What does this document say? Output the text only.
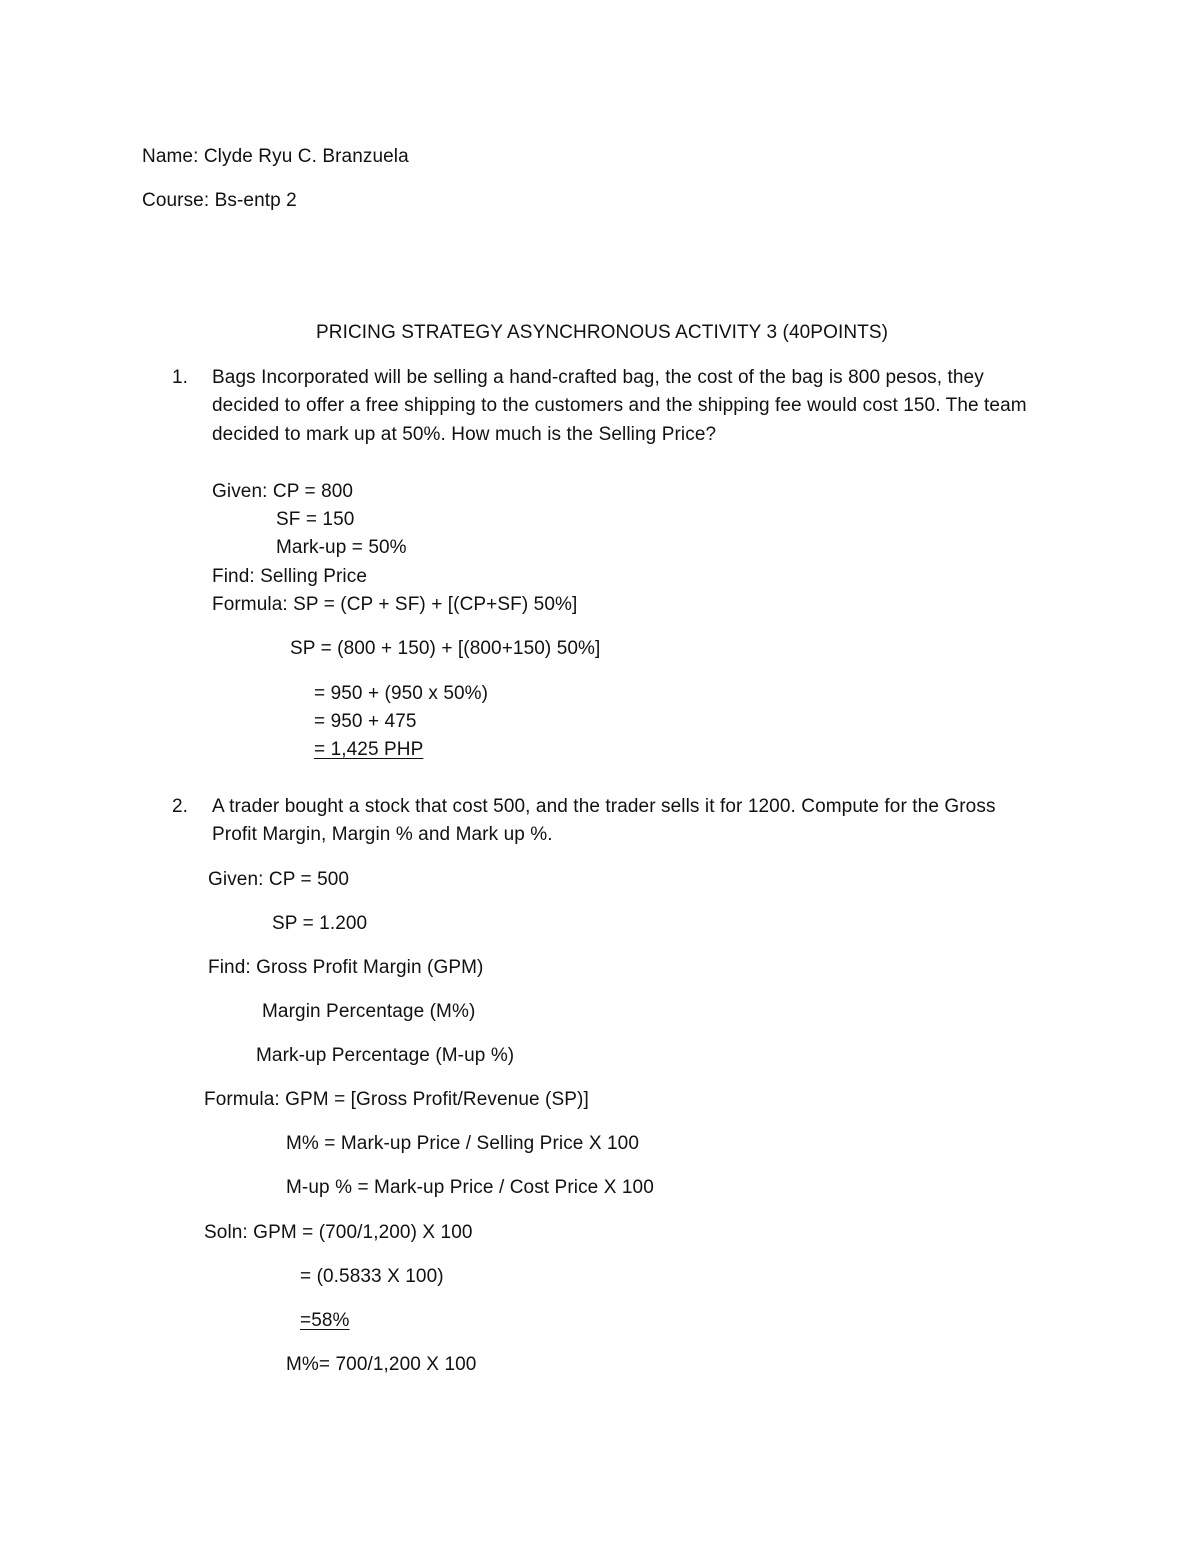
Name: Clyde Ryu C. Branzuela
Course: Bs-entp 2
PRICING STRATEGY ASYNCHRONOUS ACTIVITY 3 (40POINTS)
1. Bags Incorporated will be selling a hand-crafted bag, the cost of the bag is 800 pesos, they
decided to offer a free shipping to the customers and the shipping fee would cost 150. The team
decided to mark up at 50%. How much is the Selling Price?
Given: CP = 800
SF = 150
Mark-up = 50%
Find: Selling Price
Formula: SP = (CP + SF) + [(CP+SF) 50%]
SP = (800 + 150) + [(800+150) 50%]
= 950 + (950 x 50%)
= 950 + 475
= 1,425 PHP
2. A trader bought a stock that cost 500, and the trader sells it for 1200. Compute for the Gross
Profit Margin, Margin % and Mark up %.
Given: CP = 500
SP = 1.200
Find: Gross Profit Margin (GPM)
Margin Percentage (M%)
Mark-up Percentage (M-up %)
Formula: GPM = [Gross Profit/Revenue (SP)]
M% = Mark-up Price / Selling Price X 100
M-up % = Mark-up Price / Cost Price X 100
Soln: GPM = (700/1,200) X 100
= (0.5833 X 100)
=58%
M%= 700/1,200 X 100
